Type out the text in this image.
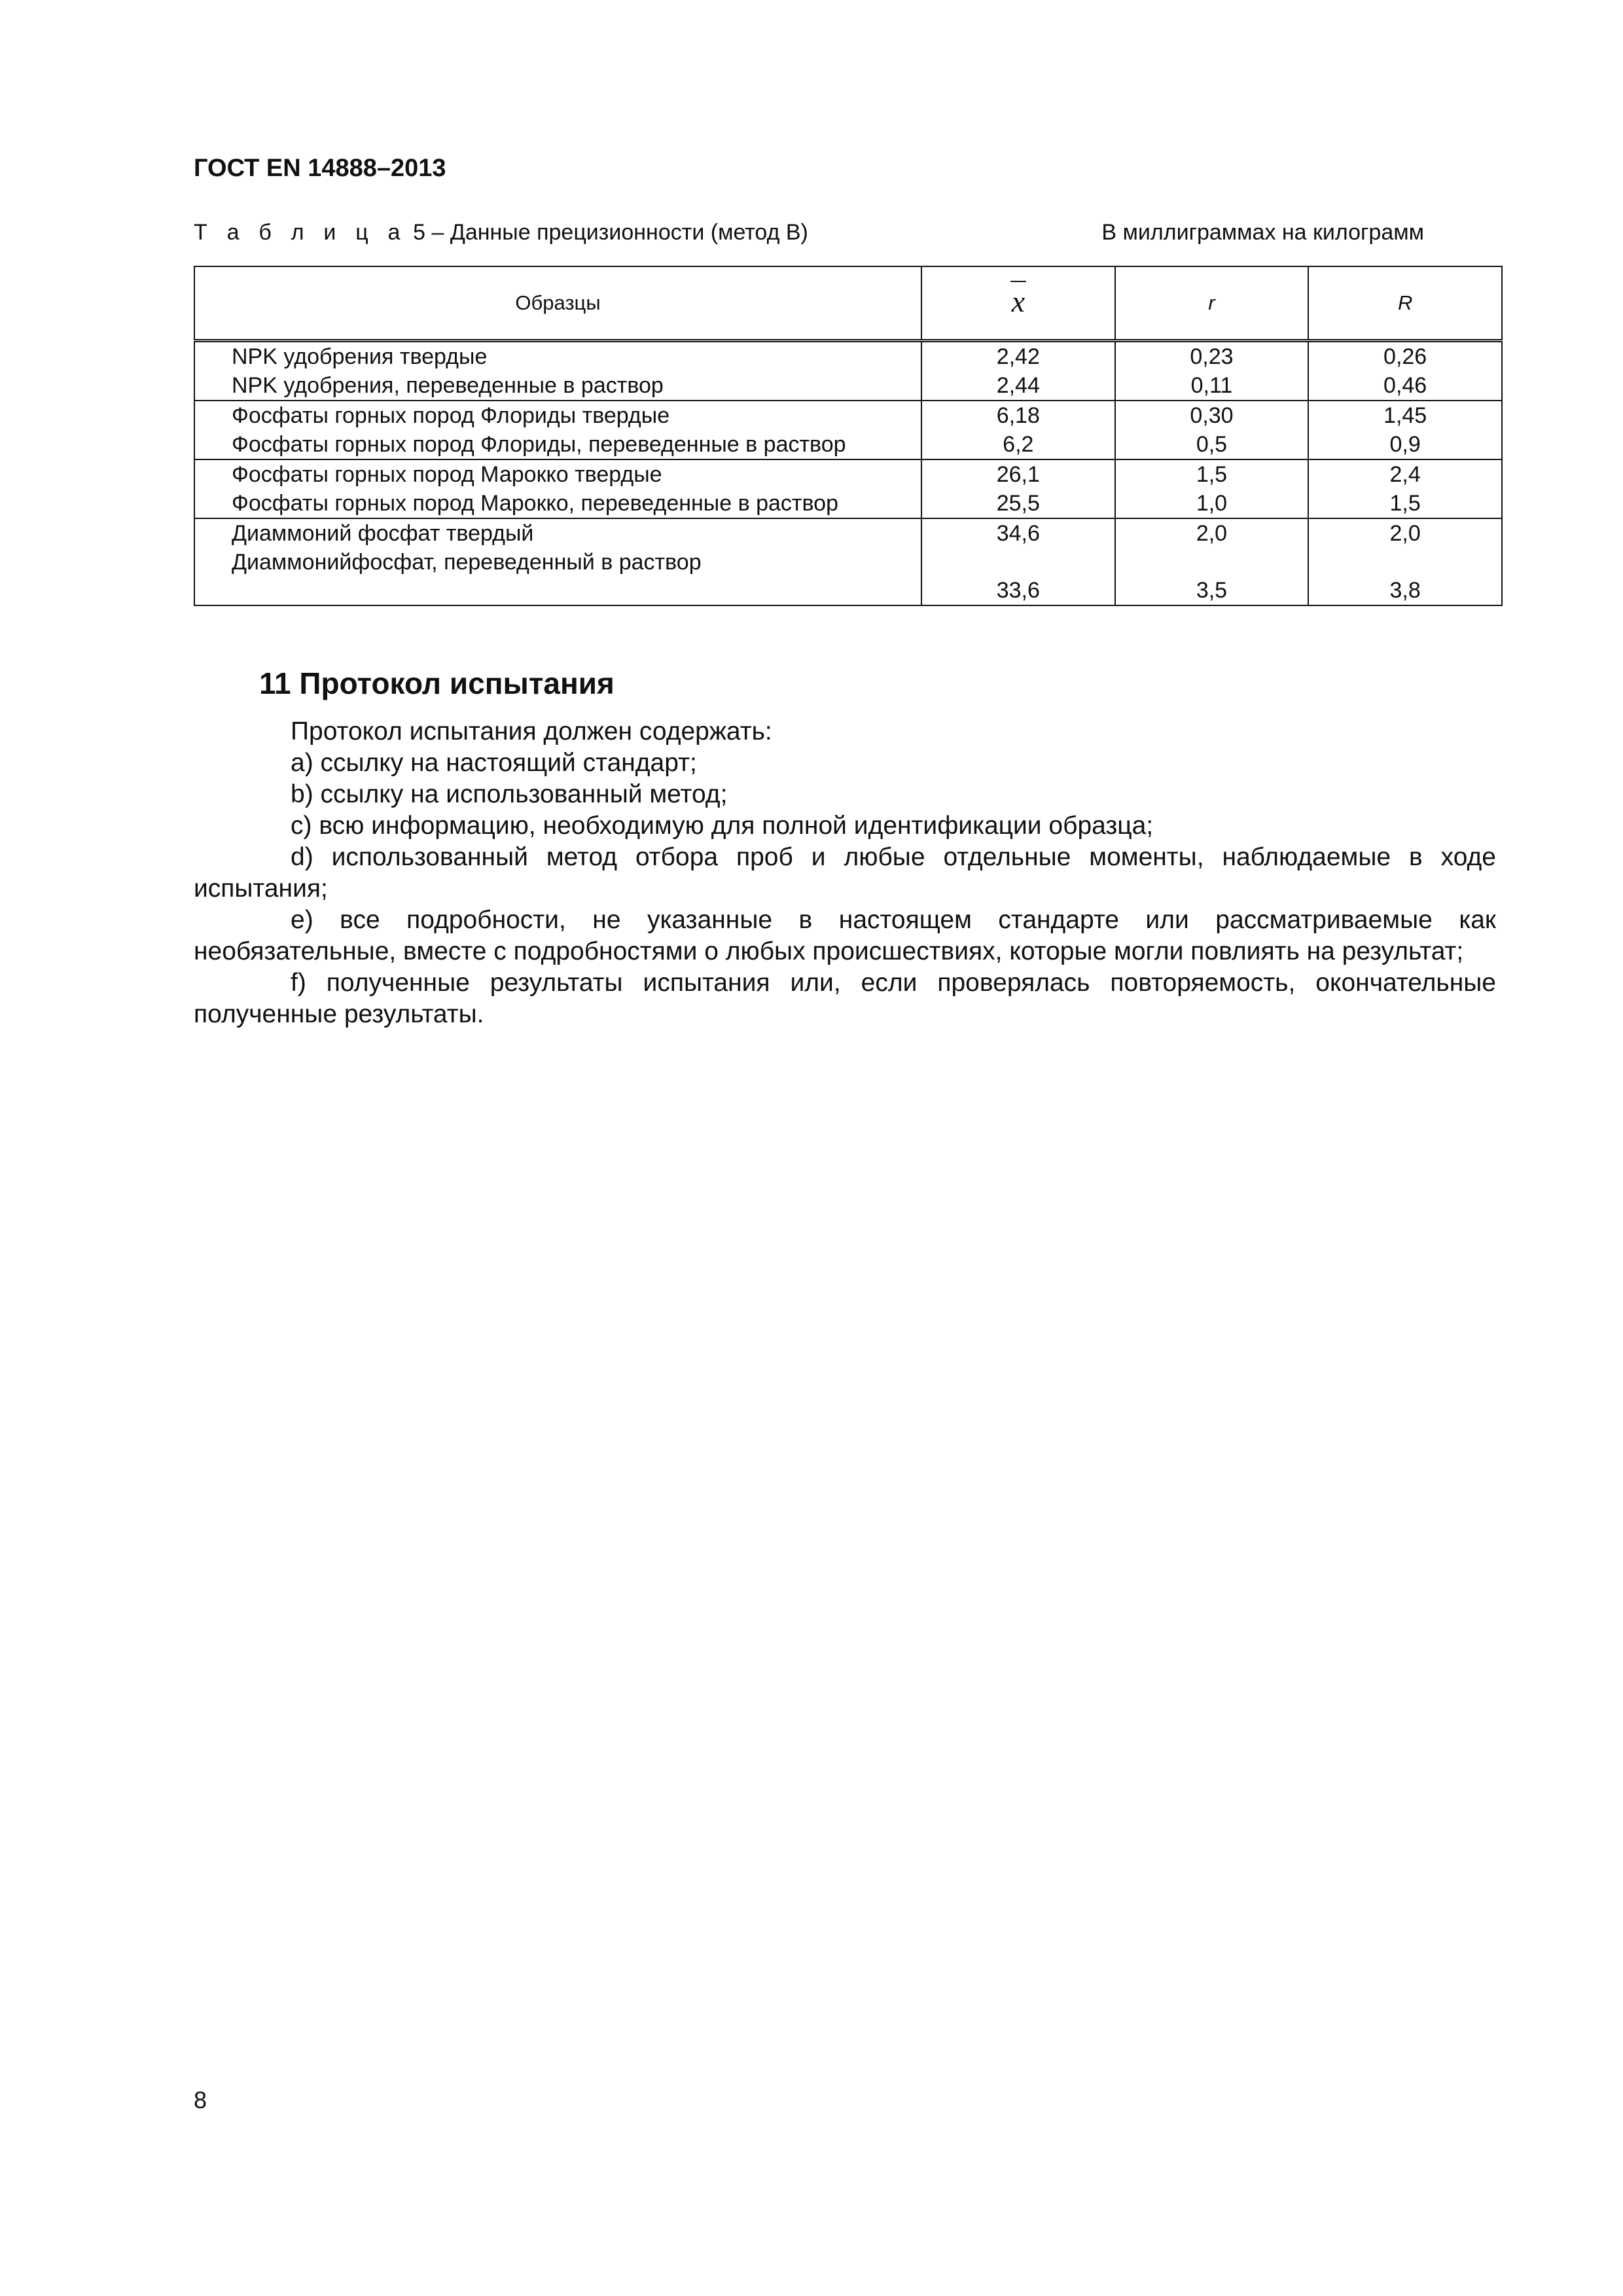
ГОСТ EN 14888–2013
Т а б л и ц а 5 – Данные прецизионности (метод В)	В миллиграммах на килограмм
Образцы	x	r	R

NPK удобрения твердые	2,42	0,23	0,26

NPK удобрения, переведенные в раствор	2,44	0,11	0,46

Фосфаты горных пород Флориды твердые	6,18	0,30	1,45

Фосфаты горных пород Флориды, переведенные в раствор	6,2	0,5	0,9

Фосфаты горных пород Марокко твердые	26,1	1,5	2,4

Фосфаты горных пород Марокко, переведенные в раствор	25,5	1,0	1,5

Диаммоний фосфат твердый	34,6	2,0	2,0

Диаммонийфосфат, переведенный в раствор	33,6	3,5	3,8
11 Протокол испытания

Протокол испытания должен содержать:

a) ссылку на настоящий стандарт;

b) ссылку на использованный метод;

c) всю информацию, необходимую для полной идентификации образца;

d) использованный метод отбора проб и любые отдельные моменты, наблюдаемые в ходе испытания;

e) все подробности, не указанные в настоящем стандарте или рассматриваемые как необязательные, вместе с подробностями о любых происшествиях, которые могли повлиять на результат;

f) полученные результаты испытания или, если проверялась повторяемость, окончательные полученные результаты.

8
